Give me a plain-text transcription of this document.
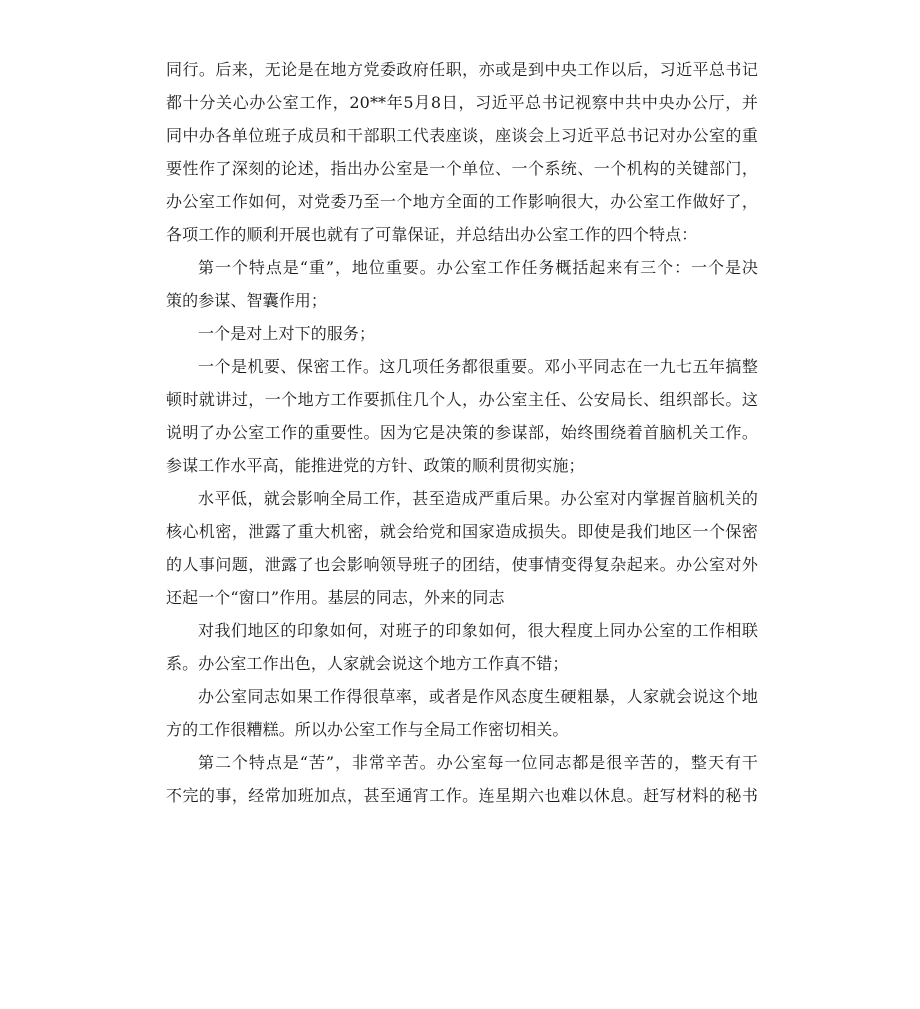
同行。后来，无论是在地方党委政府任职，亦或是到中央工作以后，习近平总书记
都十分关心办公室工作，20**年5月8日，习近平总书记视察中共中央办公厅，并
同中办各单位班子成员和干部职工代表座谈，座谈会上习近平总书记对办公室的重
要性作了深刻的论述，指出办公室是一个单位、一个系统、一个机构的关键部门，
办公室工作如何，对党委乃至一个地方全面的工作影响很大，办公室工作做好了，
各项工作的顺利开展也就有了可靠保证，并总结出办公室工作的四个特点：
第一个特点是“重”，地位重要。办公室工作任务概括起来有三个：一个是决
策的参谋、智囊作用；
一个是对上对下的服务；
一个是机要、保密工作。这几项任务都很重要。邓小平同志在一九七五年搞整
顿时就讲过，一个地方工作要抓住几个人，办公室主任、公安局长、组织部长。这
说明了办公室工作的重要性。因为它是决策的参谋部，始终围绕着首脑机关工作。
参谋工作水平高，能推进党的方针、政策的顺利贯彻实施；
水平低，就会影响全局工作，甚至造成严重后果。办公室对内掌握首脑机关的
核心机密，泄露了重大机密，就会给党和国家造成损失。即使是我们地区一个保密
的人事问题，泄露了也会影响领导班子的团结，使事情变得复杂起来。办公室对外
还起一个“窗口”作用。基层的同志，外来的同志
对我们地区的印象如何，对班子的印象如何，很大程度上同办公室的工作相联
系。办公室工作出色，人家就会说这个地方工作真不错；
办公室同志如果工作得很草率，或者是作风态度生硬粗暴，人家就会说这个地
方的工作很糟糕。所以办公室工作与全局工作密切相关。
第二个特点是“苦”，非常辛苦。办公室每一位同志都是很辛苦的，整天有干
不完的事，经常加班加点，甚至通宵工作。连星期六也难以休息。赶写材料的秘书
